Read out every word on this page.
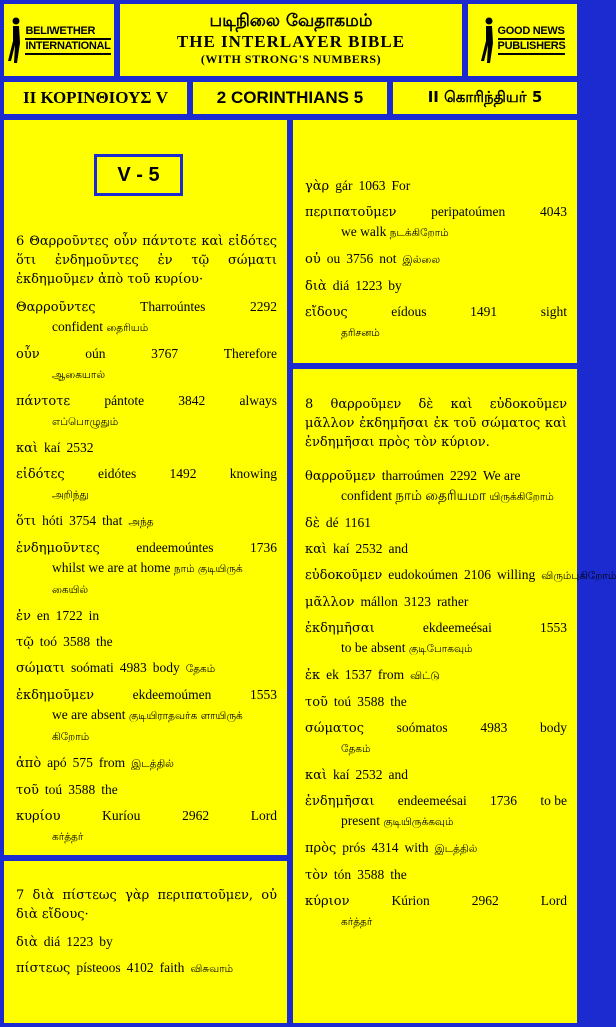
BELIWETHER
INTERNATIONAL
படிநிலை வேதாகமம்
THE INTERLAYER BIBLE
(WITH STRONG'S NUMBERS)
GOOD NEWS
PUBLISHERS
II ΚΟΡΙΝΘΙΟΥΣ V	2 CORINTHIANS 5	II கொரிந்தியர் 5
V - 5
6 Θαρροῦντες οὖν πάντοτε καὶ εἰδότες ὅτι ἐνδημοῦντες ἐν τῷ σώματι ἐκδημοῦμεν ἀπὸ τοῦ κυρίου·
Θαρροῦντες	Tharroúntes	2292
confident தைரியம்
οὖν	oún	3767	Therefore
ஆகையால்
πάντοτε	pántote	3842	always
எப்பொழுதும்
καὶ kaí 2532
εἰδότες eidótes 1492 knowing
அறிந்து
ὅτι hóti 3754 that அந்த
ἐνδημοῦντες	endeemoúntes	1736
whilst we are at home நாம் குடியிருக் கையில்
ἐν en 1722 in
τῷ toó 3588 the
σώματι soómati 4983 body தேகம்
ἐκδημοῦμεν	ekdeemoúmen	1553
we are absent குடியிராதவர்க ளாயிருக் கிறோம்
ἀπὸ apó 575 from இடத்தில்
τοῦ toú 3588 the
κυρίου	Kuríou	2962	Lord
கர்த்தர்
7 διὰ πίστεως γὰρ περιπατοῦμεν, οὐ διὰ εἴδους·
διὰ diá 1223 by
πίστεως písteoos 4102 faith விசுவாம்
γὰρ gár 1063 For
περιπατοῦμεν	peripatoúmen	4043
we walk நடக்கிறோம்
οὐ ou 3756 not இல்லை
διὰ diá 1223 by
εἴδους	eídous	1491	sight
தரிசனம்
8 θαρροῦμεν δὲ καὶ εὐδοκοῦμεν μᾶλλον ἐκδημῆσαι ἐκ τοῦ σώματος καὶ ἐνδημῆσαι πρὸς τὸν κύριον.
θαρροῦμεν tharroúmen 2292 We are
confident நாம் தைரியமா யிருக்கிறோம்
δὲ dé 1161
καὶ kaí 2532 and
εὐδοκοῦμεν eudokoúmen 2106 willing விரும்புகிறோம்
μᾶλλον mállon 3123 rather
ἐκδημῆσαι	ekdeemeésai	1553
to be absent குடிபோகவும்
ἐκ ek 1537 from விட்டு
τοῦ toú 3588 the
σώματος soómatos 4983 body
தேகம்
καὶ kaí 2532 and
ἐνδημῆσαι endeemeésai 1736 to be
present குடியிருக்கவும்
πρὸς prós 4314 with இடத்தில்
τὸν tón 3588 the
κύριον	Kúrion	2962	Lord
கர்த்தர்
